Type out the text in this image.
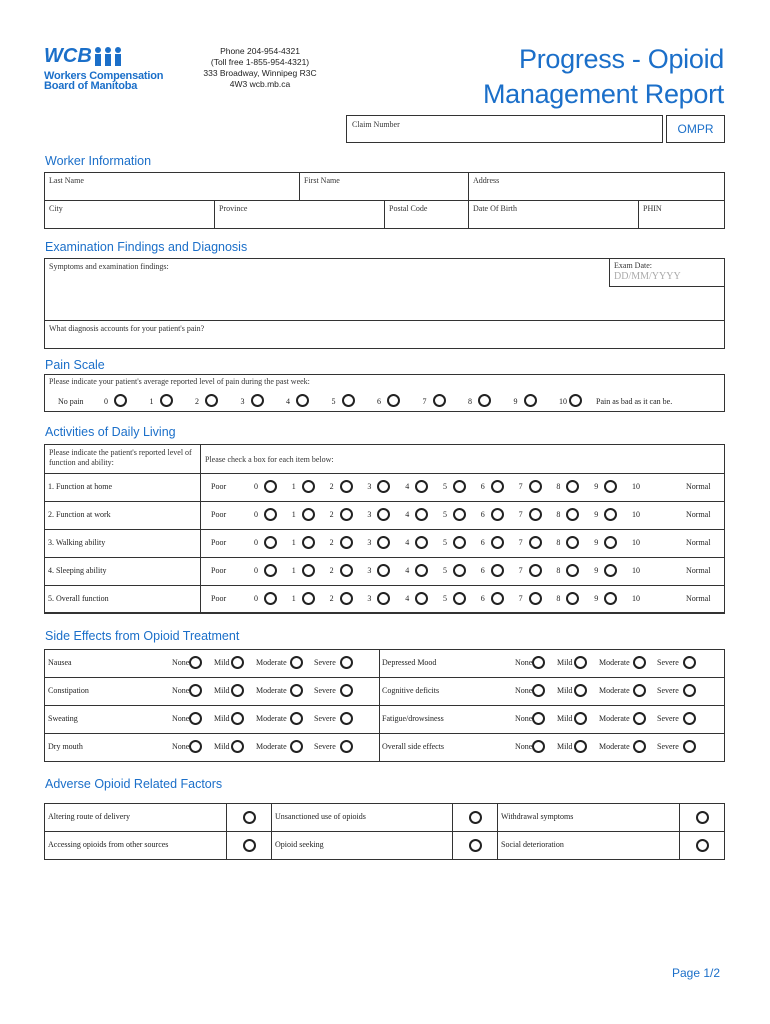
WCB
Workers Compensation
Board of Manitoba
Phone 204-954-4321
(Toll free 1-855-954-4321)
333 Broadway, Winnipeg R3C
4W3 wcb.mb.ca
Progress - Opioid
Management Report
Claim Number	OMPR
Worker Information
Last Name	First Name	Address
City	Province	Postal Code	Date Of Birth	PHIN
Examination Findings and Diagnosis
Symptoms and examination findings:	Exam Date:
DD/MM/YYYY
What diagnosis accounts for your patient's pain?
Pain Scale
Please indicate your patient's average reported level of pain during the past week:
No pain	0	1	2	3	4	5	6	7	8	9	10	Pain as bad as it can be.
Activities of Daily Living
Please indicate the patient's reported level of function and ability:	Please check a box for each item below:
1. Function at home	Poor	0	1	2	3	4	5	6	7	8	9	10	Normal
2. Function at work	Poor	0	1	2	3	4	5	6	7	8	9	10	Normal
3. Walking ability	Poor	0	1	2	3	4	5	6	7	8	9	10	Normal
4. Sleeping ability	Poor	0	1	2	3	4	5	6	7	8	9	10	Normal
5. Overall function	Poor	0	1	2	3	4	5	6	7	8	9	10	Normal
Side Effects from Opioid Treatment
Nausea	None	Mild	Moderate	Severe	Depressed Mood	None	Mild	Moderate	Severe
Constipation	None	Mild	Moderate	Severe	Cognitive deficits	None	Mild	Moderate	Severe
Sweating	None	Mild	Moderate	Severe	Fatigue/drowsiness	None	Mild	Moderate	Severe
Dry mouth	None	Mild	Moderate	Severe	Overall side effects	None	Mild	Moderate	Severe
Adverse Opioid Related Factors
Altering route of delivery	Unsanctioned use of opioids	Withdrawal symptoms
Accessing opioids from other sources	Opioid seeking	Social deterioration
Page 1/2
